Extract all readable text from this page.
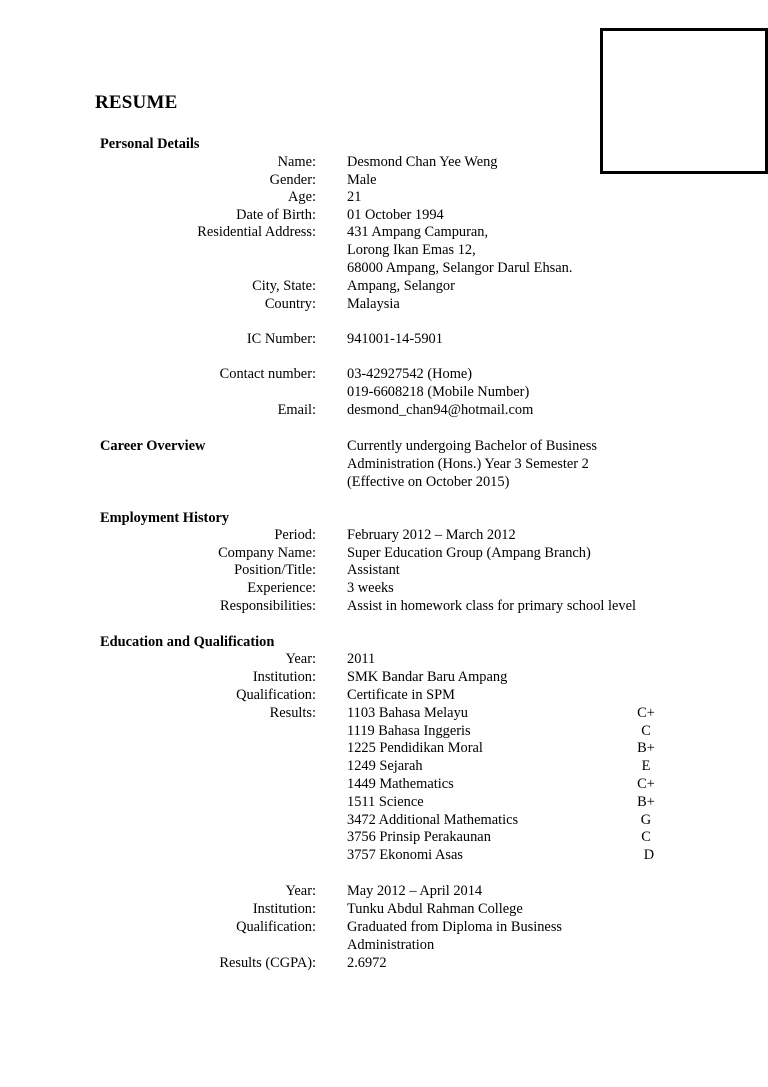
RESUME
Personal Details
Name: Desmond Chan Yee Weng
Gender: Male
Age: 21
Date of Birth: 01 October 1994
Residential Address: 431 Ampang Campuran,
Lorong Ikan Emas 12,
68000 Ampang, Selangor Darul Ehsan.
City, State: Ampang, Selangor
Country: Malaysia
IC Number: 941001-14-5901
Contact number: 03-42927542 (Home)
019-6608218 (Mobile Number)
Email: desmond_chan94@hotmail.com
Career Overview	Currently undergoing Bachelor of Business
Administration (Hons.) Year 3 Semester 2
(Effective on October 2015)
Employment History
Period: February 2012 – March 2012
Company Name: Super Education Group (Ampang Branch)
Position/Title: Assistant
Experience: 3 weeks
Responsibilities: Assist in homework class for primary school level
Education and Qualification
Year: 2011
Institution: SMK Bandar Baru Ampang
Qualification: Certificate in SPM
Results: 1103 Bahasa Melayu	C+
1119 Bahasa Inggeris	C
1225 Pendidikan Moral	B+
1249 Sejarah	E
1449 Mathematics	C+
1511 Science	B+
3472 Additional Mathematics	G
3756 Prinsip Perakaunan	C
3757 Ekonomi Asas	D
Year: May 2012 – April 2014
Institution: Tunku Abdul Rahman College
Qualification: Graduated from Diploma in Business
Administration
Results (CGPA): 2.6972
